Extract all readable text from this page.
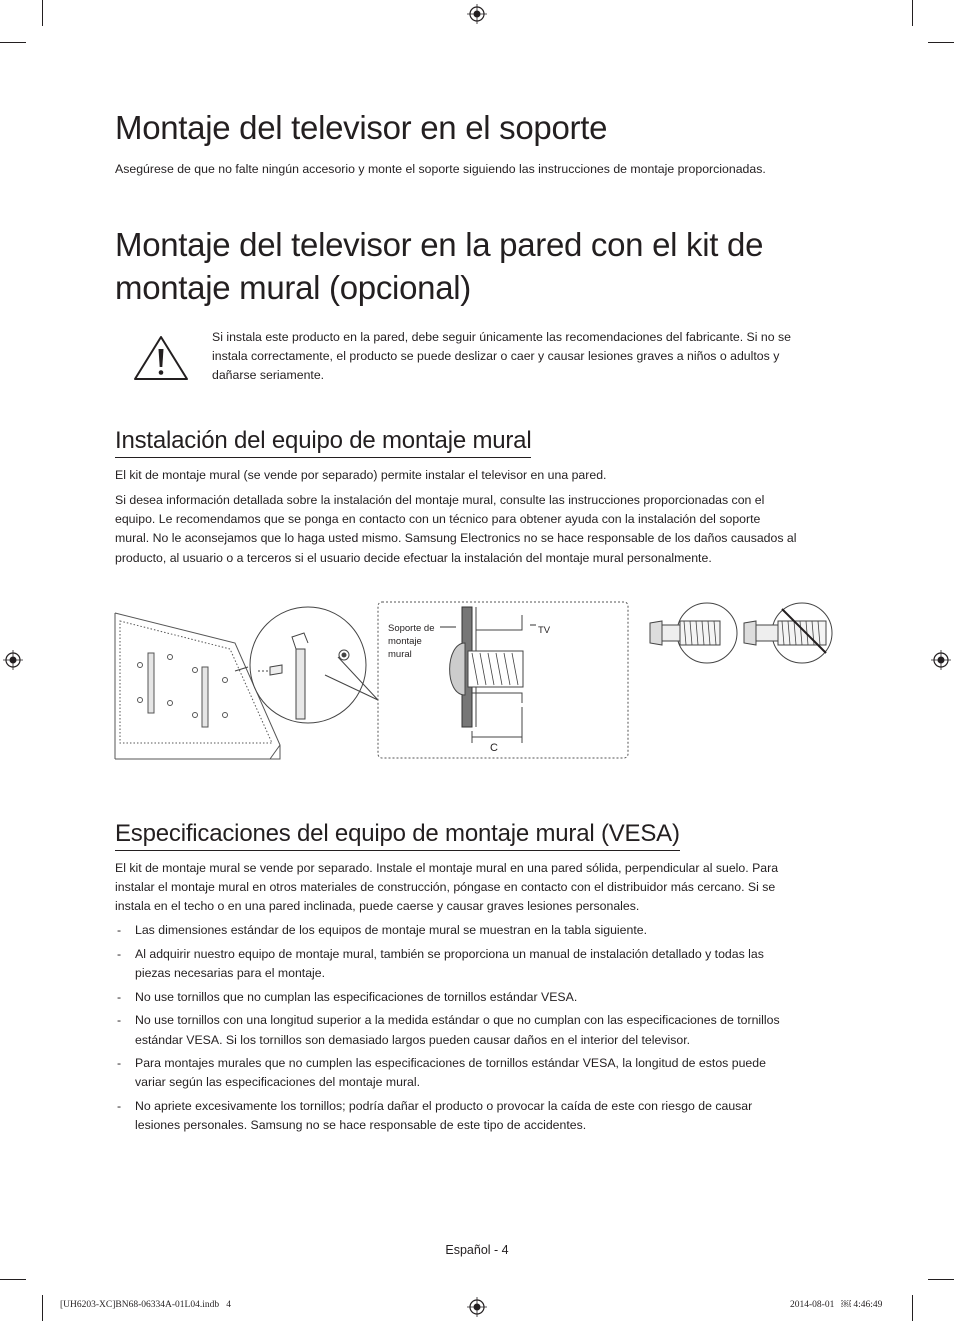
Montaje del televisor en el soporte

Asegúrese de que no falte ningún accesorio y monte el soporte siguiendo las instrucciones de montaje proporcionadas.

Montaje del televisor en la pared con el kit de
montaje mural (opcional)

Si instala este producto en la pared, debe seguir únicamente las recomendaciones del fabricante. Si no se

instala correctamente, el producto se puede deslizar o caer y causar lesiones graves a niños o adultos y

dañarse seriamente.

Instalación del equipo de montaje mural

El kit de montaje mural (se vende por separado) permite instalar el televisor en una pared.

Si desea información detallada sobre la instalación del montaje mural, consulte las instrucciones proporcionadas con el

equipo. Le recomendamos que se ponga en contacto con un técnico para obtener ayuda con la instalación del soporte

mural. No le aconsejamos que lo haga usted mismo. Samsung Electronics no se hace responsable de los daños causados al

producto, al usuario o a terceros si el usuario decide efectuar la instalación del montaje mural personalmente.

Soporte de
montaje
mural
TV
C
Especificaciones del equipo de montaje mural (VESA)

El kit de montaje mural se vende por separado. Instale el montaje mural en una pared sólida, perpendicular al suelo. Para

instalar el montaje mural en otros materiales de construcción, póngase en contacto con el distribuidor más cercano. Si se

instala en el techo o en una pared inclinada, puede caerse y causar graves lesiones personales.

- Las dimensiones estándar de los equipos de montaje mural se muestran en la tabla siguiente.
- Al adquirir nuestro equipo de montaje mural, también se proporciona un manual de instalación detallado y todas las
piezas necesarias para el montaje.
- No use tornillos que no cumplan las especificaciones de tornillos estándar VESA.
- No use tornillos con una longitud superior a la medida estándar o que no cumplan con las especificaciones de tornillos
estándar VESA. Si los tornillos son demasiado largos pueden causar daños en el interior del televisor.
- Para montajes murales que no cumplen las especificaciones de tornillos estándar VESA, la longitud de estos puede
variar según las especificaciones del montaje mural.
- No apriete excesivamente los tornillos; podría dañar el producto o provocar la caída de este con riesgo de causar
lesiones personales. Samsung no se hace responsable de este tipo de accidentes.
Español - 4
[UH6203-XC]BN68-06334A-01L04.indb   4	2014-08-01   ￼ 4:46:49
